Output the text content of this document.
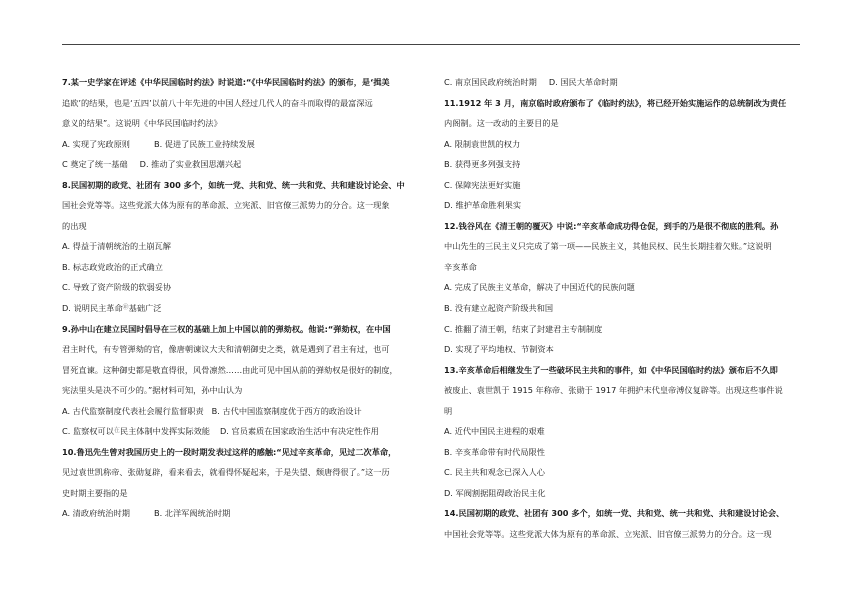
7.某一史学家在评述《中华民国临时约法》时说道:“《中华民国临时约法》的颁布，是‘揖美
追欧’的结果，也是‘五四’以前八十年先进的中国人经过几代人的奋斗而取得的最富深远
意义的结果”。这说明《中华民国临时约法》
A. 实现了宪政原则	B. 促进了民族工业持续发展
C 奠定了统一基础 D. 推动了实业救国思潮兴起
8.民国初期的政党、社团有 300 多个，如统一党、共和党、统一共和党、共和建设讨论会、中
国社会党等等。这些党派大体为原有的革命派、立宪派、旧官僚三派势力的分合。这一现象
的出现
A. 得益于清朝统治的土崩瓦解
B. 标志政党政治的正式确立
C. 导致了资产阶级的软弱妥协
D. 说明民主革命㊞基础广泛
9.孙中山在建立民国时倡导在三权的基础上加上中国以前的弹劾权。他说:“弹劾权，在中国
君主时代，有专管弹劾的官，像唐朝谏议大夫和清朝御史之类，就是遇到了君主有过，也可
冒死直谏。这种御史都是敬直得很，风骨凛然……由此可见中国从前的弹劾权是很好的制度，
宪法里头是决不可少的。”据材料可知，孙中山认为
A. 古代监察制度代表社会履行监督职责 B. 古代中国监察制度优于西方的政治设计
C. 监察权可以 在 民主体制中发挥实际效能 D. 官员素质在国家政治生活中有决定性作用
10.鲁迅先生曾对我国历史上的一段时期发表过这样的感触:“见过辛亥革命，见过二次革命，
见过袁世凯称帝、张勋复辟，看来看去，就看得怀疑起来，于是失望、颓唐得很了。”这一历
史时期主要指的是
A. 清政府统治时期	B. 北洋军阀统治时期
C. 南京国民政府统治时期 D. 国民大革命时期
11.1912 年 3 月，南京临时政府颁布了《临时约法》，将已经开始实施运作的总统制改为责任
内阁制。这一改动的主要目的是
A. 限制袁世凯的权力
B. 获得更多列强支持
C. 保障宪法更好实施
D. 维护革命胜利果实
12.钱谷风在《清王朝的覆灭》中说:“辛亥革命成功得仓促，到手的乃是很不彻底的胜利。孙
中山先生的三民主义只完成了第一项——民族主义，其他民权、民生长期挂着欠账。”这说明
辛亥革命
A. 完成了民族主义革命，解决了中国近代的民族问题
B. 没有建立起资产阶级共和国
C. 推翻了清王朝，结束了封建君主专制制度
D. 实现了平均地权、节制资本
13.辛亥革命后相继发生了一些破坏民主共和的事件，如《中华民国临时约法》颁布后不久即
被废止、袁世凯于 1915 年称帝、张勋于 1917 年拥护末代皇帝溥仪复辟等。出现这些事件说
明
A. 近代中国民主进程的艰难
B. 辛亥革命带有时代局限性
C. 民主共和观念已深入人心
D. 军阀割据阻碍政治民主化
14.民国初期的政党、社团有 300 多个，如统一党、共和党、统一共和党、共和建设讨论会、
中国社会党等等。这些党派大体为原有的革命派、立宪派、旧官僚三派势力的分合。这一现
